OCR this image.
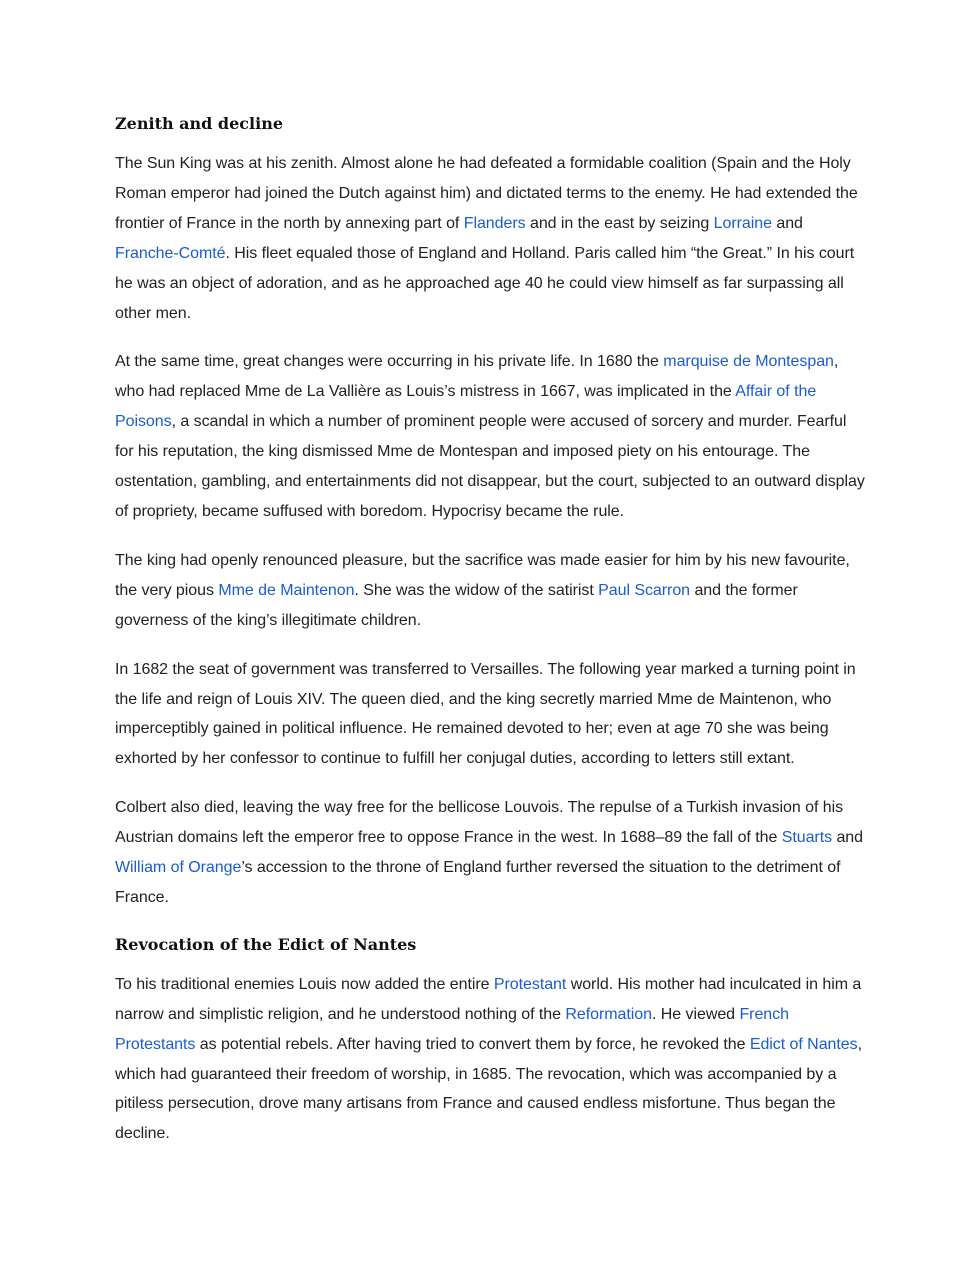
Zenith and decline

The Sun King was at his zenith. Almost alone he had defeated a formidable coalition (Spain and the Holy Roman emperor had joined the Dutch against him) and dictated terms to the enemy. He had extended the frontier of France in the north by annexing part of Flanders and in the east by seizing Lorraine and Franche-Comté. His fleet equaled those of England and Holland. Paris called him “the Great.” In his court he was an object of adoration, and as he approached age 40 he could view himself as far surpassing all other men.

At the same time, great changes were occurring in his private life. In 1680 the marquise de Montespan, who had replaced Mme de La Vallière as Louis’s mistress in 1667, was implicated in the Affair of the Poisons, a scandal in which a number of prominent people were accused of sorcery and murder. Fearful for his reputation, the king dismissed Mme de Montespan and imposed piety on his entourage. The ostentation, gambling, and entertainments did not disappear, but the court, subjected to an outward display of propriety, became suffused with boredom. Hypocrisy became the rule.

The king had openly renounced pleasure, but the sacrifice was made easier for him by his new favourite, the very pious Mme de Maintenon. She was the widow of the satirist Paul Scarron and the former governess of the king’s illegitimate children.

In 1682 the seat of government was transferred to Versailles. The following year marked a turning point in the life and reign of Louis XIV. The queen died, and the king secretly married Mme de Maintenon, who imperceptibly gained in political influence. He remained devoted to her; even at age 70 she was being exhorted by her confessor to continue to fulfill her conjugal duties, according to letters still extant.

Colbert also died, leaving the way free for the bellicose Louvois. The repulse of a Turkish invasion of his Austrian domains left the emperor free to oppose France in the west. In 1688–89 the fall of the Stuarts and William of Orange’s accession to the throne of England further reversed the situation to the detriment of France.

Revocation of the Edict of Nantes

To his traditional enemies Louis now added the entire Protestant world. His mother had inculcated in him a narrow and simplistic religion, and he understood nothing of the Reformation. He viewed French Protestants as potential rebels. After having tried to convert them by force, he revoked the Edict of Nantes, which had guaranteed their freedom of worship, in 1685. The revocation, which was accompanied by a pitiless persecution, drove many artisans from France and caused endless misfortune. Thus began the decline.
